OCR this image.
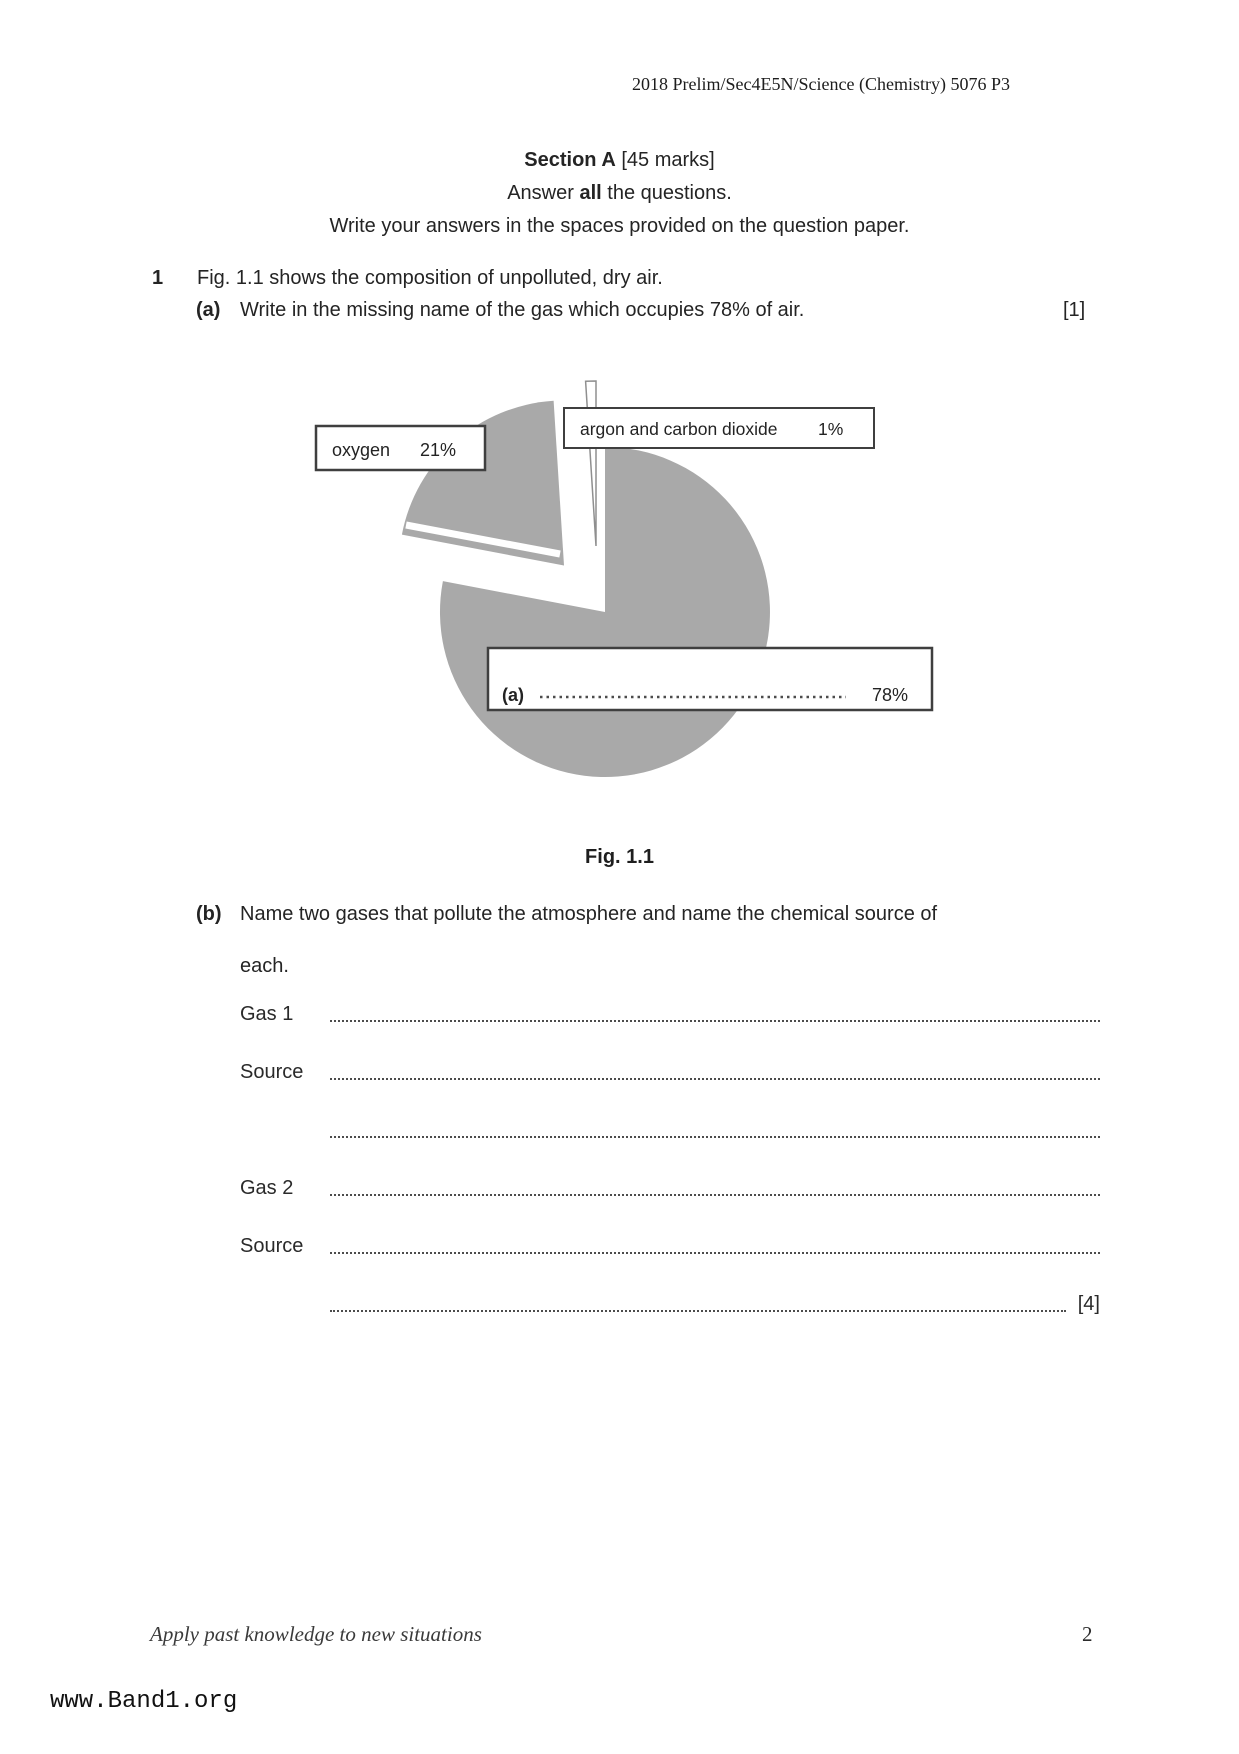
2018 Prelim/Sec4E5N/Science (Chemistry) 5076 P3
Section A [45 marks]
Answer all the questions.
Write your answers in the spaces provided on the question paper.
1 Fig. 1.1 shows the composition of unpolluted, dry air.
(a) Write in the missing name of the gas which occupies 78% of air.	[1]
oxygen 21%
argon and carbon dioxide 1%
(a)	78%
Fig. 1.1
(b) Name two gases that pollute the atmosphere and name the chemical source of
each.
Gas 1
Source
Gas 2
Source
[4]
Apply past knowledge to new situations	2
www.Band1.org
